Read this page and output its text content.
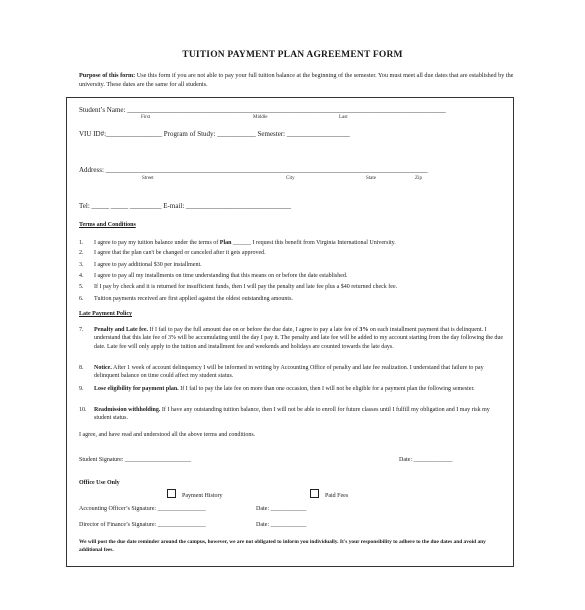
TUITION PAYMENT PLAN AGREEMENT FORM
Purpose of this form: Use this form if you are not able to pay your full tuition balance at the beginning of the semester. You must meet all due dates that are established by the university. These dates are the same for all students.
Student’s Name: ___________________________________________________________________________________________
First	Middle	Last
VIU ID#:________________ Program of Study: ___________ Semester: __________________
Address: ____________________________________________________________________________________________
Street	City	State	Zip
Tel: _____ _____ _________ E-mail: ______________________________
Terms and Conditions
1. I agree to pay my tuition balance under the terms of Plan ______ I request this benefit from Virginia International University.
2. I agree that the plan can't be changed or canceled after it gets approved.
3. I agree to pay additional $30 per installment.
4. I agree to pay all my installments on time understanding that this means on or before the date established.
5. If I pay by check and it is returned for insufficient funds, then I will pay the penalty and late fee plus a $40 returned check fee.
6. Tuition payments received are first applied against the oldest outstanding amounts.
Late Payment Policy
7. Penalty and Late fee. If I fail to pay the full amount due on or before the due date, I agree to pay a late fee of 3% on each installment payment that is delinquent. I understand that this late fee of 3% will be accumulating until the day I pay it. The penalty and late fee will be added to my account starting from the day following the due date. Late fee will only apply to the tuition and installment fee and weekends and holidays are counted towards the late days.
8. Notice. After 1 week of account delinquency I will be informed in writing by Accounting Office of penalty and late fee realization. I understand that failure to pay delinquent balance on time could affect my student status.
9. Lose eligibility for payment plan. If I fail to pay the late fee on more than one occasion, then I will not be eligible for a payment plan the following semester.
10. Readmission withholding. If I have any outstanding tuition balance, then I will not be able to enroll for future classes until I fulfill my obligation and I may risk my student status.
I agree, and have read and understood all the above terms and conditions.
Student Signature: ______________________	Date: _____________
Office Use Only
Payment History	Paid Fees
Accounting Officer’s Signature: ________________	Date: ____________
Director of Finance’s Signature: ________________	Date: ____________
We will post the due date reminder around the campus, however, we are not obligated to inform you individually. It's your responsibility to adhere to the due dates and avoid any additional fees.
